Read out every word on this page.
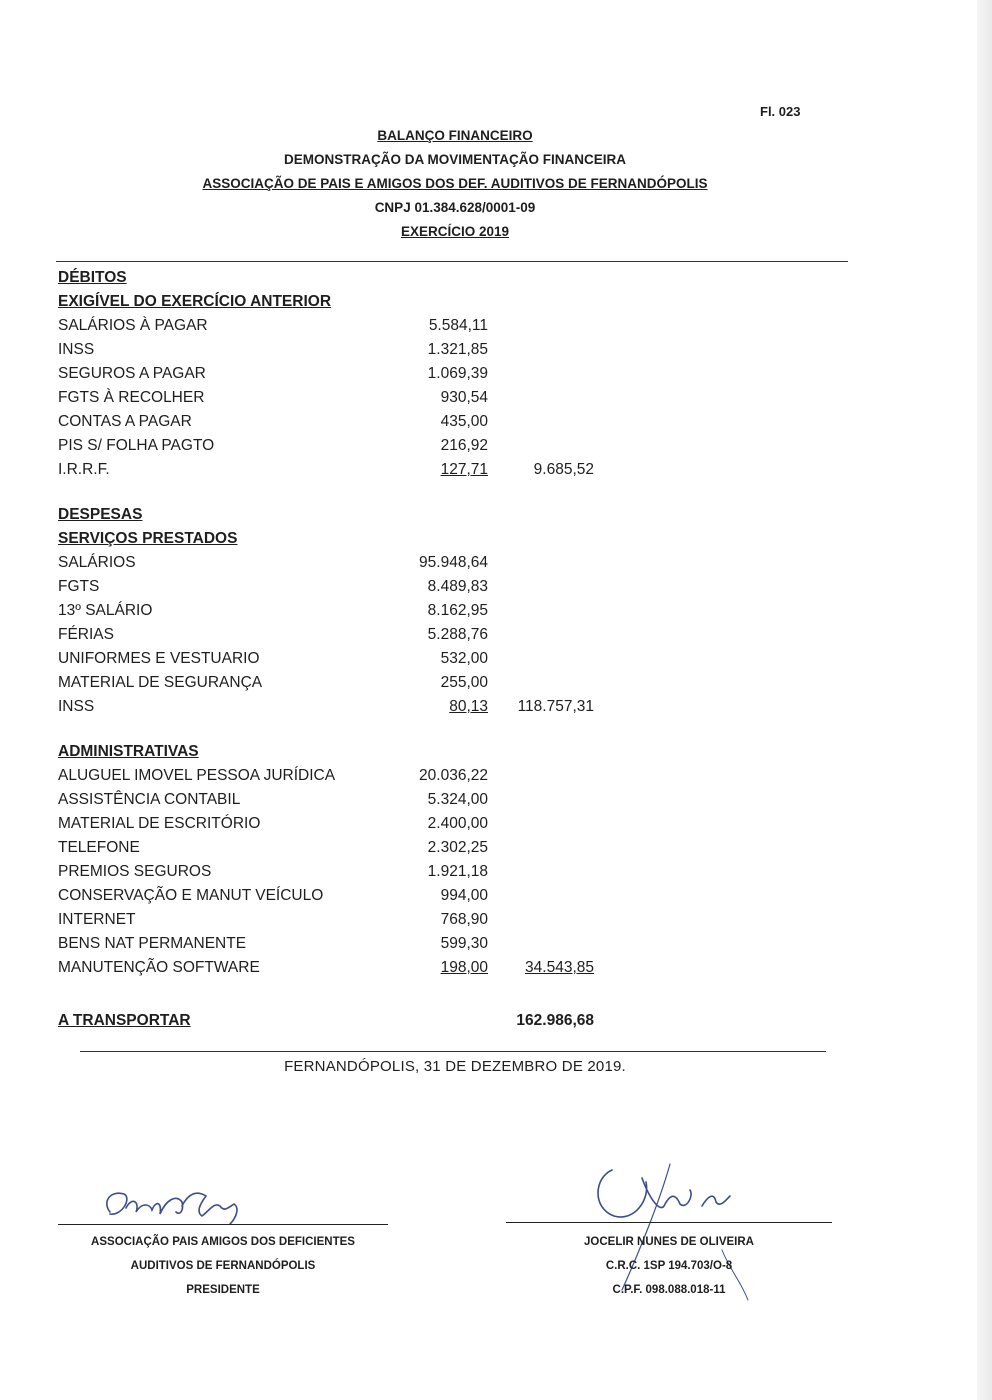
Fl. 023
BALANÇO FINANCEIRO
DEMONSTRAÇÃO DA MOVIMENTAÇÃO FINANCEIRA
ASSOCIAÇÃO DE PAIS E AMIGOS DOS DEF. AUDITIVOS DE FERNANDÓPOLIS
CNPJ 01.384.628/0001-09
EXERCÍCIO 2019
DÉBITOS
EXIGÍVEL DO EXERCÍCIO ANTERIOR
SALÁRIOS À PAGAR	5.584,11
INSS	1.321,85
SEGUROS A PAGAR	1.069,39
FGTS À RECOLHER	930,54
CONTAS A PAGAR	435,00
PIS S/ FOLHA PAGTO	216,92
I.R.R.F.	127,71	9.685,52
DESPESAS
SERVIÇOS PRESTADOS
SALÁRIOS	95.948,64
FGTS	8.489,83
13º SALÁRIO	8.162,95
FÉRIAS	5.288,76
UNIFORMES E VESTUARIO	532,00
MATERIAL DE SEGURANÇA	255,00
INSS	80,13 118.757,31
ADMINISTRATIVAS
ALUGUEL IMOVEL PESSOA JURÍDICA	20.036,22
ASSISTÊNCIA CONTABIL	5.324,00
MATERIAL DE ESCRITÓRIO	2.400,00
TELEFONE	2.302,25
PREMIOS SEGUROS	1.921,18
CONSERVAÇÃO E MANUT VEÍCULO	994,00
INTERNET	768,90
BENS NAT PERMANENTE	599,30
MANUTENÇÃO SOFTWARE	198,00 34.543,85
A TRANSPORTAR	162.986,68
FERNANDÓPOLIS, 31 DE DEZEMBRO DE 2019.
ASSOCIAÇÃO PAIS AMIGOS DOS DEFICIENTES
AUDITIVOS DE FERNANDÓPOLIS
PRESIDENTE
JOCELIR NUNES DE OLIVEIRA
C.R.C. 1SP 194.703/O-8
C.P.F. 098.088.018-11
